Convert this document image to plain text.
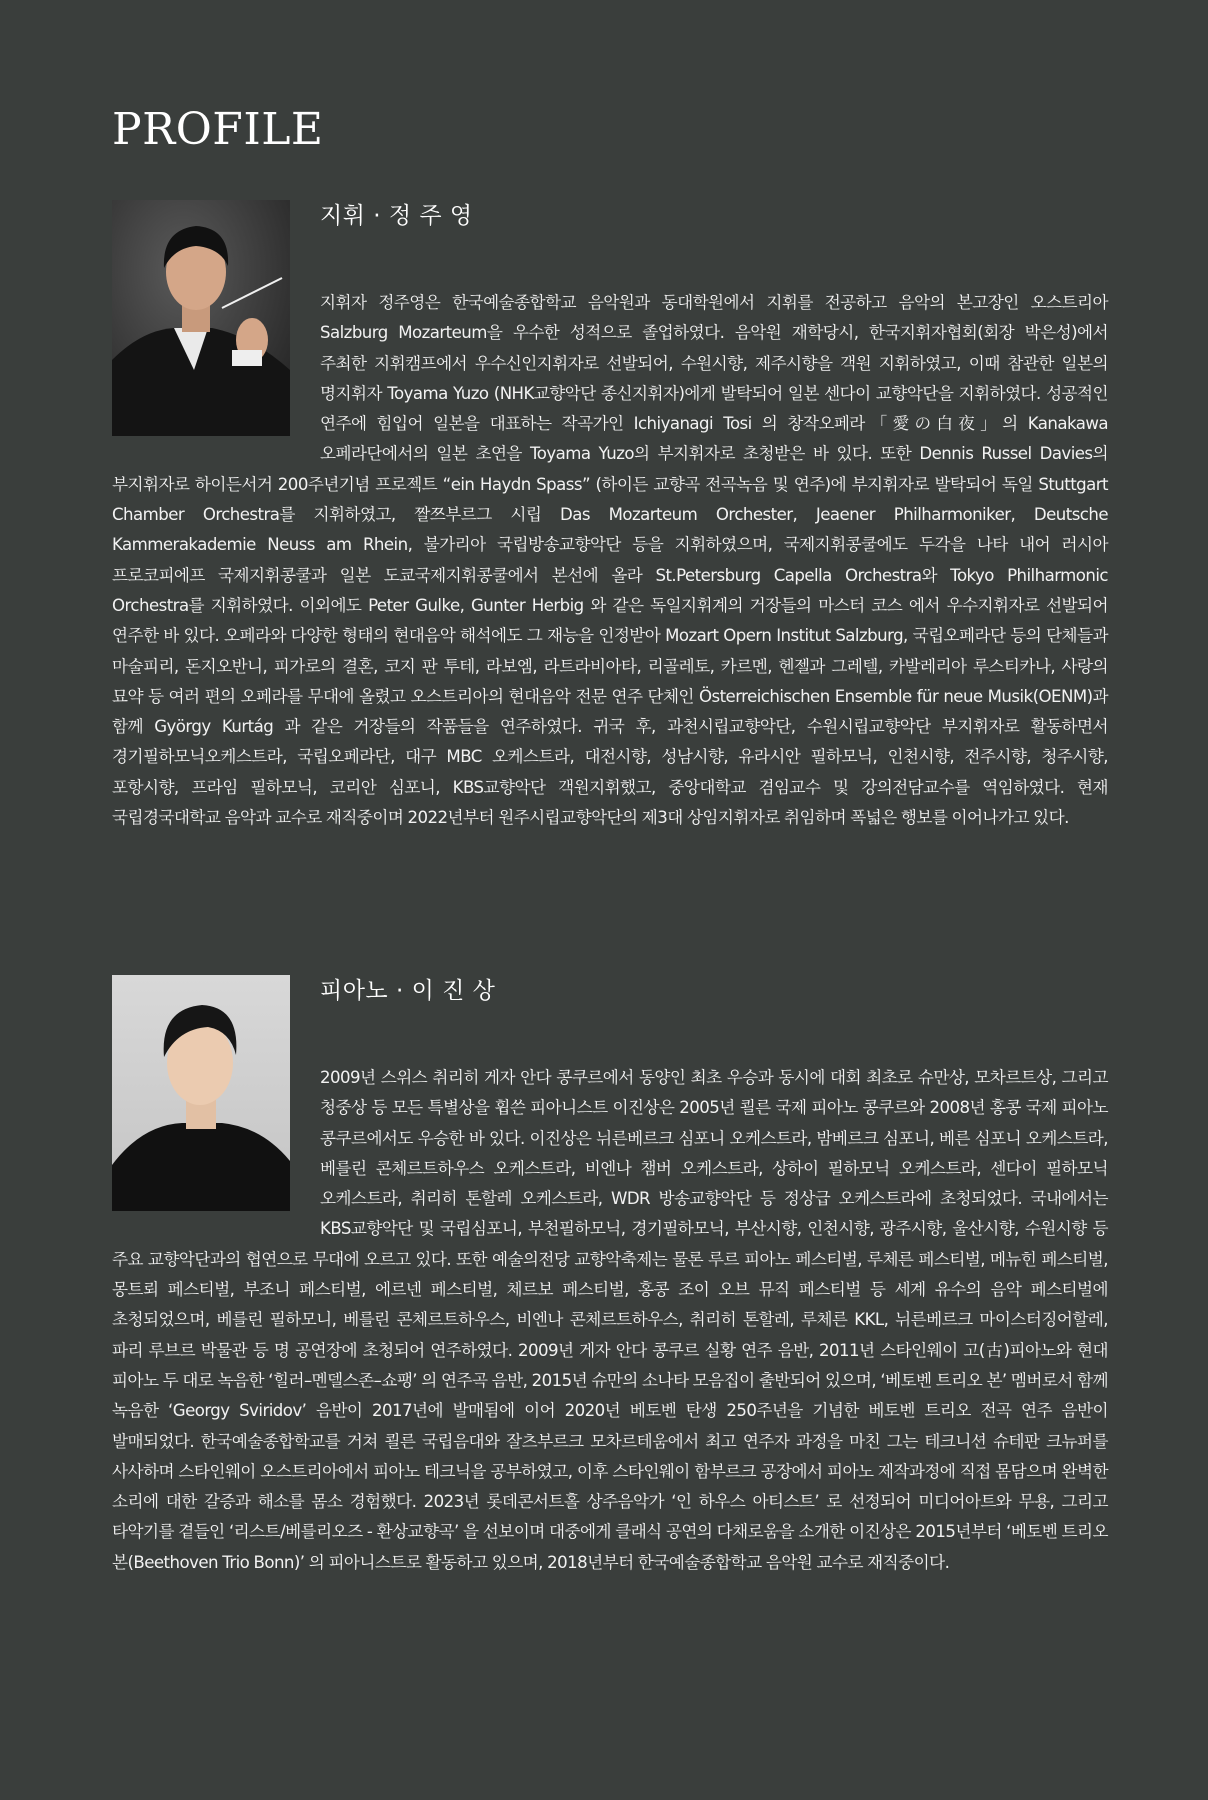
PROFILE
지휘 · 정 주 영

지휘자 정주영은 한국예술종합학교 음악원과 동대학원에서 지휘를 전공하고 음악의 본고장인 오스트리아 Salzburg Mozarteum을 우수한 성적으로 졸업하였다. 음악원 재학당시, 한국지휘자협회(회장 박은성)에서 주최한 지휘캠프에서 우수신인지휘자로 선발되어, 수원시향, 제주시향을 객원 지휘하였고, 이때 참관한 일본의 명지휘자 Toyama Yuzo (NHK교향악단 종신지휘자)에게 발탁되어 일본 센다이 교향악단을 지휘하였다. 성공적인 연주에 힘입어 일본을 대표하는 작곡가인 Ichiyanagi Tosi 의 창작오페라「愛の白夜」의 Kanakawa 오페라단에서의 일본 초연을 Toyama Yuzo의 부지휘자로 초청받은 바 있다. 또한 Dennis Russel Davies의 부지휘자로 하이든서거 200주년기념 프로젝트 “ein Haydn Spass” (하이든 교향곡 전곡녹음 및 연주)에 부지휘자로 발탁되어 독일 Stuttgart Chamber Orchestra를 지휘하였고, 짤쯔부르그 시립 Das Mozarteum Orchester, Jeaener Philharmoniker, Deutsche Kammerakademie Neuss am Rhein, 불가리아 국립방송교향악단 등을 지휘하였으며, 국제지휘콩쿨에도 두각을 나타 내어 러시아 프로코피에프 국제지휘콩쿨과 일본 도쿄국제지휘콩쿨에서 본선에 올라 St.Petersburg Capella Orchestra와 Tokyo Philharmonic Orchestra를 지휘하였다. 이외에도 Peter Gulke, Gunter Herbig 와 같은 독일지휘계의 거장들의 마스터 코스 에서 우수지휘자로 선발되어 연주한 바 있다. 오페라와 다양한 형태의 현대음악 해석에도 그 재능을 인정받아 Mozart Opern Institut Salzburg, 국립오페라단 등의 단체들과 마술피리, 돈지오반니, 피가로의 결혼, 코지 판 투테, 라보엠, 라트라비아타, 리골레토, 카르멘, 헨젤과 그레텔, 카발레리아 루스티카나, 사랑의 묘약 등 여러 편의 오페라를 무대에 올렸고 오스트리아의 현대음악 전문 연주 단체인 Österreichischen Ensemble für neue Musik(OENM)과 함께 György Kurtág 과 같은 거장들의 작품들을 연주하였다. 귀국 후, 과천시립교향악단, 수원시립교향악단 부지휘자로 활동하면서 경기필하모닉오케스트라, 국립오페라단, 대구 MBC 오케스트라, 대전시향, 성남시향, 유라시안 필하모닉, 인천시향, 전주시향, 청주시향, 포항시향, 프라임 필하모닉, 코리안 심포니, KBS교향악단 객원지휘했고, 중앙대학교 겸임교수 및 강의전담교수를 역임하였다. 현재 국립경국대학교 음악과 교수로 재직중이며 2022년부터 원주시립교향악단의 제3대 상임지휘자로 취임하며 폭넓은 행보를 이어나가고 있다.

피아노 · 이 진 상

2009년 스위스 취리히 게자 안다 콩쿠르에서 동양인 최초 우승과 동시에 대회 최초로 슈만상, 모차르트상, 그리고 청중상 등 모든 특별상을 휩쓴 피아니스트 이진상은 2005년 쾰른 국제 피아노 콩쿠르와 2008년 홍콩 국제 피아노 콩쿠르에서도 우승한 바 있다. 이진상은 뉘른베르크 심포니 오케스트라, 밤베르크 심포니, 베른 심포니 오케스트라, 베를린 콘체르트하우스 오케스트라, 비엔나 챔버 오케스트라, 상하이 필하모닉 오케스트라, 센다이 필하모닉 오케스트라, 취리히 톤할레 오케스트라, WDR 방송교향악단 등 정상급 오케스트라에 초청되었다. 국내에서는 KBS교향악단 및 국립심포니, 부천필하모닉, 경기필하모닉, 부산시향, 인천시향, 광주시향, 울산시향, 수원시향 등 주요 교향악단과의 협연으로 무대에 오르고 있다. 또한 예술의전당 교향악축제는 물론 루르 피아노 페스티벌, 루체른 페스티벌, 메뉴힌 페스티벌, 몽트뢰 페스티벌, 부조니 페스티벌, 에르넨 페스티벌, 체르보 페스티벌, 홍콩 조이 오브 뮤직 페스티벌 등 세계 유수의 음악 페스티벌에 초청되었으며, 베를린 필하모니, 베를린 콘체르트하우스, 비엔나 콘체르트하우스, 취리히 톤할레, 루체른 KKL, 뉘른베르크 마이스터징어할레, 파리 루브르 박물관 등 명 공연장에 초청되어 연주하였다. 2009년 게자 안다 콩쿠르 실황 연주 음반, 2011년 스타인웨이 고(古)피아노와 현대 피아노 두 대로 녹음한 ‘힐러–멘델스존–쇼팽’ 의 연주곡 음반, 2015년 슈만의 소나타 모음집이 출반되어 있으며, ‘베토벤 트리오 본’ 멤버로서 함께 녹음한 ‘Georgy Sviridov’ 음반이 2017년에 발매됨에 이어 2020년 베토벤 탄생 250주년을 기념한 베토벤 트리오 전곡 연주 음반이 발매되었다. 한국예술종합학교를 거쳐 쾰른 국립음대와 잘츠부르크 모차르테움에서 최고 연주자 과정을 마친 그는 테크니션 슈테판 크뉴퍼를 사사하며 스타인웨이 오스트리아에서 피아노 테크닉을 공부하였고, 이후 스타인웨이 함부르크 공장에서 피아노 제작과정에 직접 몸담으며 완벽한 소리에 대한 갈증과 해소를 몸소 경험했다. 2023년 롯데콘서트홀 상주음악가 ‘인 하우스 아티스트’ 로 선정되어 미디어아트와 무용, 그리고 타악기를 곁들인 ‘리스트/베를리오즈 - 환상교향곡’ 을 선보이며 대중에게 클래식 공연의 다채로움을 소개한 이진상은 2015년부터 ‘베토벤 트리오 본(Beethoven Trio Bonn)’ 의 피아니스트로 활동하고 있으며, 2018년부터 한국예술종합학교 음악원 교수로 재직중이다.
